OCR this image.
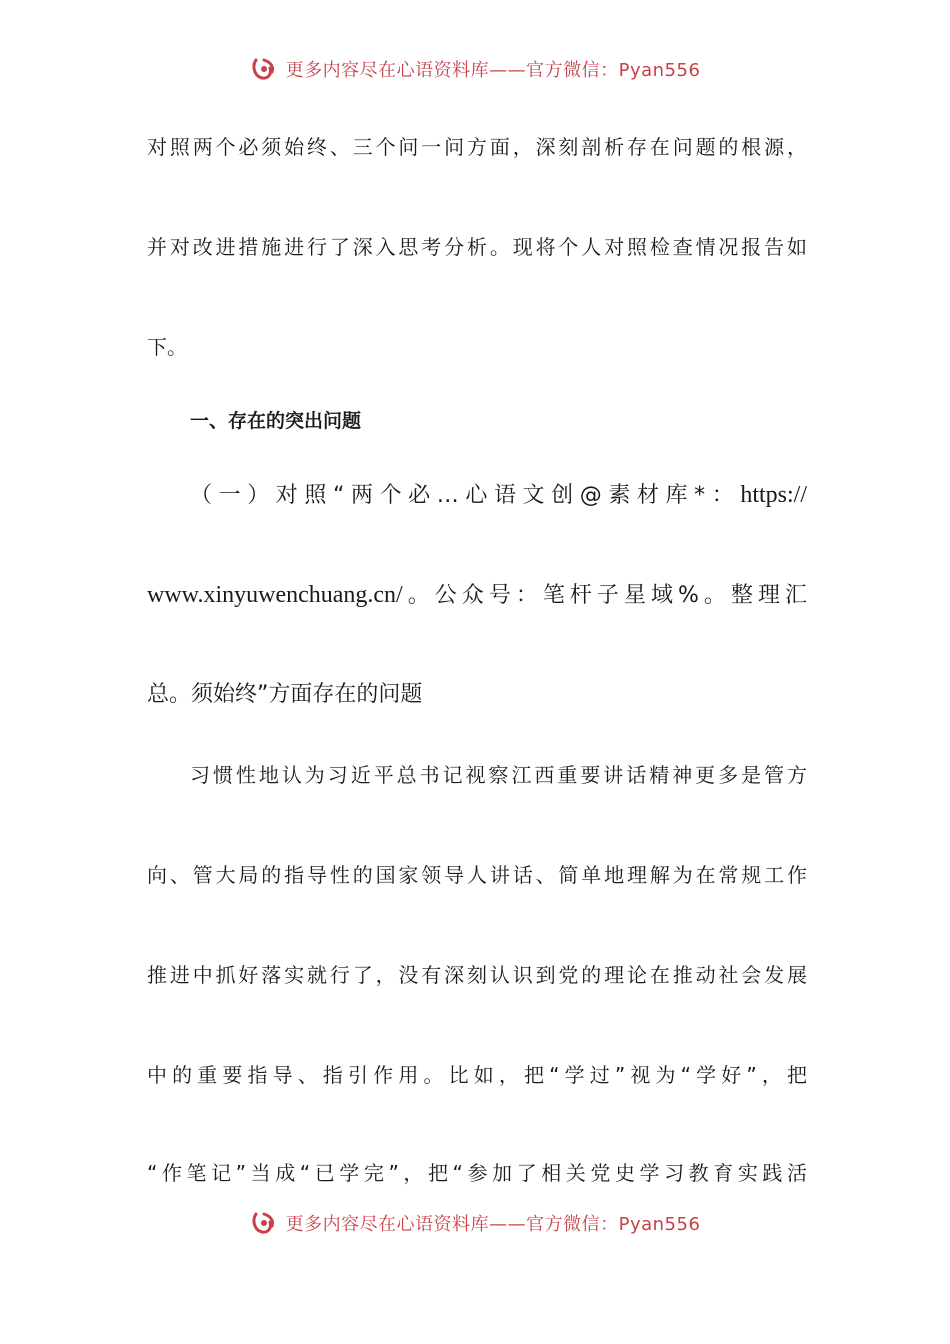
更多内容尽在心语资料库——官方微信：Pyan556
对照两个必须始终、三个问一问方面，深刻剖析存在问题的根源，
并对改进措施进行了深入思考分析。现将个人对照检查情况报告如
下。
一、存在的突出问题
（一）对照“两个必…心语文创@素材库*：https://
www.xinyuwenchuang.cn/。公众号：笔杆子星域%。整理汇
总。须始终”方面存在的问题
习惯性地认为习近平总书记视察江西重要讲话精神更多是管方
向、管大局的指导性的国家领导人讲话、简单地理解为在常规工作
推进中抓好落实就行了，没有深刻认识到党的理论在推动社会发展
中的重要指导、指引作用。比如，把“学过”视为“学好”，把
“作笔记”当成“已学完”，把“参加了相关党史学习教育实践活
更多内容尽在心语资料库——官方微信：Pyan556
